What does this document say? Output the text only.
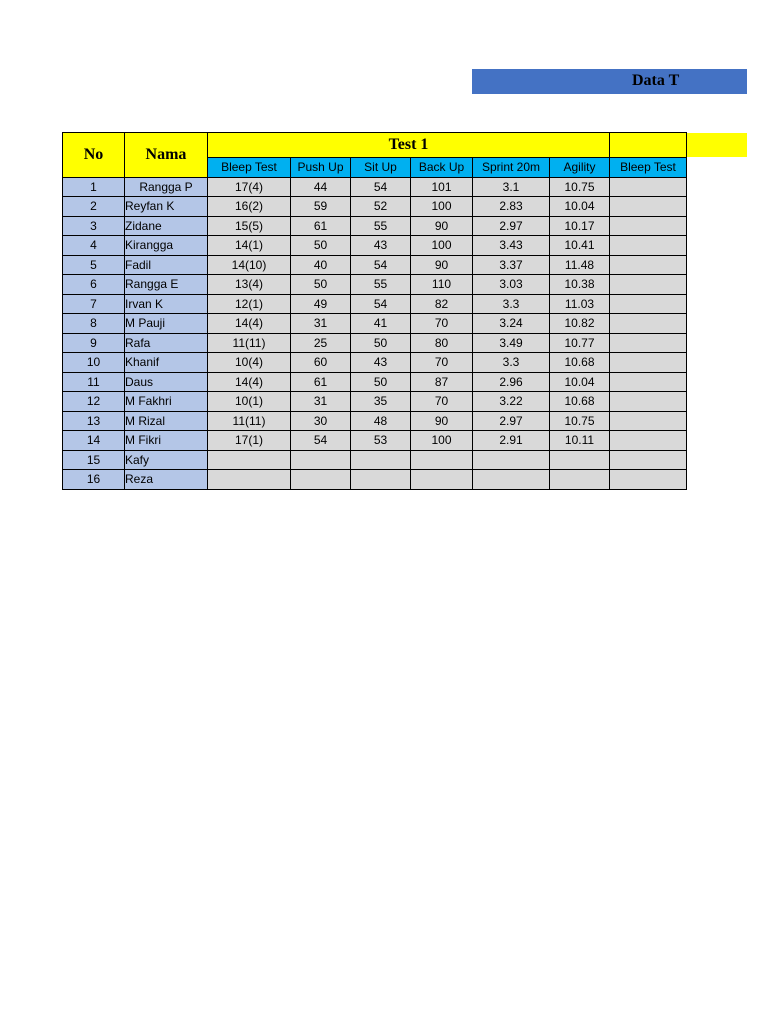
Data T
No	Nama	Test 1						
		Bleep Test	Push Up	Sit Up	Back Up	Sprint 20m	Agility	Bleep Test
1	Rangga P	17(4)	44	54	101	3.1	10.75	
2	Reyfan K	16(2)	59	52	100	2.83	10.04	
3	Zidane	15(5)	61	55	90	2.97	10.17	
4	Kirangga	14(1)	50	43	100	3.43	10.41	
5	Fadil	14(10)	40	54	90	3.37	11.48	
6	Rangga E	13(4)	50	55	110	3.03	10.38	
7	Irvan K	12(1)	49	54	82	3.3	11.03	
8	M Pauji	14(4)	31	41	70	3.24	10.82	
9	Rafa	11(11)	25	50	80	3.49	10.77	
10	Khanif	10(4)	60	43	70	3.3	10.68	
11	Daus	14(4)	61	50	87	2.96	10.04	
12	M Fakhri	10(1)	31	35	70	3.22	10.68	
13	M Rizal	11(11)	30	48	90	2.97	10.75	
14	M Fikri	17(1)	54	53	100	2.91	10.11	
15	Kafy							
16	Reza							
